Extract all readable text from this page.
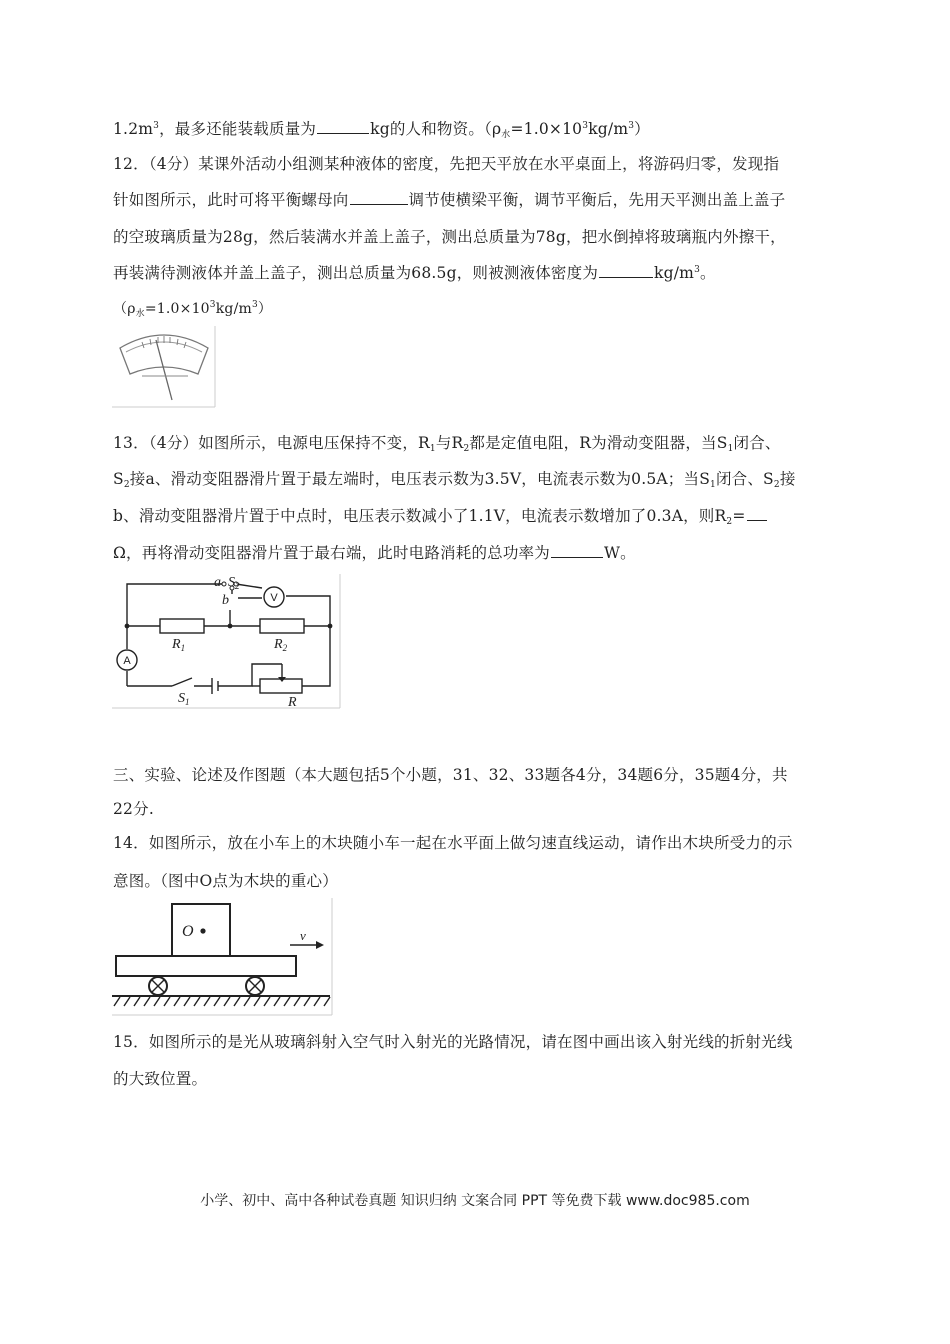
$1.2m^3$，最多还能装载质量为	kg的人和物资。$(\rho_水=1.0\times 10^3kg/m^3)$
12．（4分）某课外活动小组测某种液体的密度，先把天平放在水平桌面上，将游码归零，发现指
针如图所示，此时可将平衡螺母向	调节使横梁平衡，调节平衡后，先用天平测出盖上盖子
的空玻璃质量为28g，然后装满水并盖上盖子，测出总质量为78g，把水倒掉将玻璃瓶内外擦干，
再装满待测液体并盖上盖子，测出总质量为68.5g，则被测液体密度为	$kg/m^3$。
$(\rho_水=1.0\times 10^3kg/m^3)$
13．（4分）如图所示，电源电压保持不变，$R_1$与$R_2$都是定值电阻，R为滑动变阻器，当$S_1$闭合、
$S_2$接a、滑动变阻器滑片置于最左端时，电压表示数为3.5V，电流表示数为0.5A；当$S_1$闭合、$S_2$接
b、滑动变阻器滑片置于中点时，电压表示数减小了1.1V，电流表示数增加了0.3A，则$R_2=$
Ω，再将滑动变阻器滑片置于最右端，此时电路消耗的总功率为	W。
a
b
$S_2$
$R_1$	$R_2$
$S_1$	R
V
A
三、实验、论述及作图题（本大题包括5个小题，31、32、33题各4分，34题6分，35题4分，共
22分.
14．如图所示，放在小车上的木块随小车一起在水平面上做匀速直线运动，请作出木块所受力的示
意图。（图中O点为木块的重心）
O	v
15．如图所示的是光从玻璃斜射入空气时入射光的光路情况，请在图中画出该入射光线的折射光线
的大致位置。
小学、初中、高中各种试卷真题 知识归纳 文案合同 PPT 等免费下载 www.doc985.com
